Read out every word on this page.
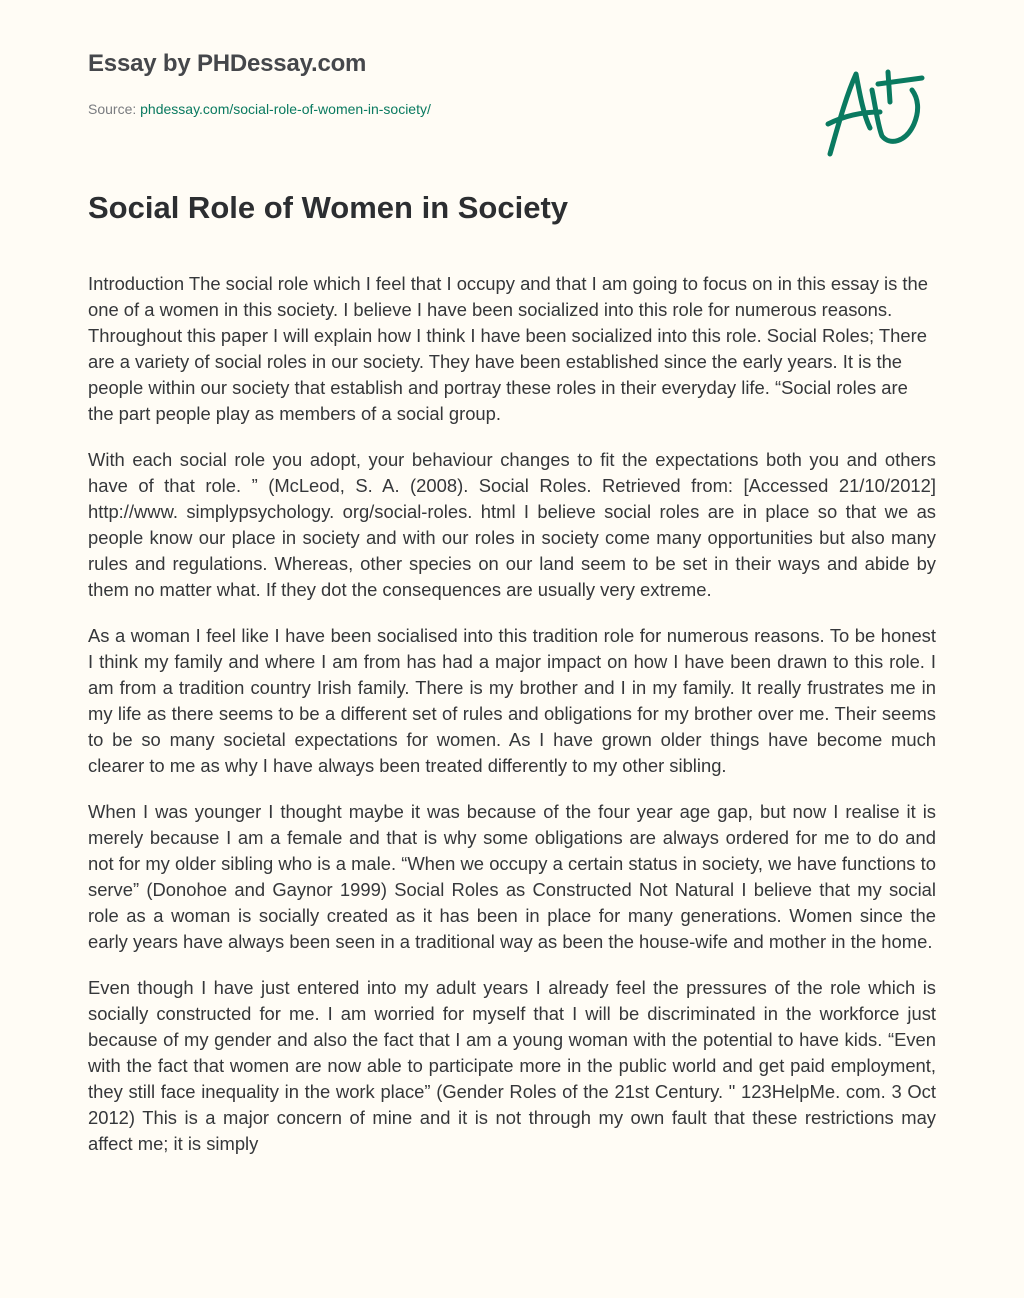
Essay by PHDessay.com
Source: phdessay.com/social-role-of-women-in-society/
Social Role of Women in Society

Introduction The social role which I feel that I occupy and that I am going to focus on in this essay is the one of a women in this society. I believe I have been socialized into this role for numerous reasons. Throughout this paper I will explain how I think I have been socialized into this role. Social Roles; There are a variety of social roles in our society. They have been established since the early years. It is the people within our society that establish and portray these roles in their everyday life. “Social roles are the part people play as members of a social group.

With each social role you adopt, your behaviour changes to fit the expectations both you and others have of that role. ” (McLeod, S. A. (2008). Social Roles. Retrieved from: [Accessed 21/10/2012] http://www. simplypsychology. org/social-roles. html I believe social roles are in place so that we as people know our place in society and with our roles in society come many opportunities but also many rules and regulations. Whereas, other species on our land seem to be set in their ways and abide by them no matter what. If they dot the consequences are usually very extreme.

As a woman I feel like I have been socialised into this tradition role for numerous reasons. To be honest I think my family and where I am from has had a major impact on how I have been drawn to this role. I am from a tradition country Irish family. There is my brother and I in my family. It really frustrates me in my life as there seems to be a different set of rules and obligations for my brother over me. Their seems to be so many societal expectations for women. As I have grown older things have become much clearer to me as why I have always been treated differently to my other sibling.

When I was younger I thought maybe it was because of the four year age gap, but now I realise it is merely because I am a female and that is why some obligations are always ordered for me to do and not for my older sibling who is a male. “When we occupy a certain status in society, we have functions to serve” (Donohoe and Gaynor 1999) Social Roles as Constructed Not Natural I believe that my social role as a woman is socially created as it has been in place for many generations. Women since the early years have always been seen in a traditional way as been the house-wife and mother in the home.

Even though I have just entered into my adult years I already feel the pressures of the role which is socially constructed for me. I am worried for myself that I will be discriminated in the workforce just because of my gender and also the fact that I am a young woman with the potential to have kids. “Even with the fact that women are now able to participate more in the public world and get paid employment, they still face inequality in the work place” (Gender Roles of the 21st Century. " 123HelpMe. com. 3 Oct 2012) This is a major concern of mine and it is not through my own fault that these restrictions may affect me; it is simply
